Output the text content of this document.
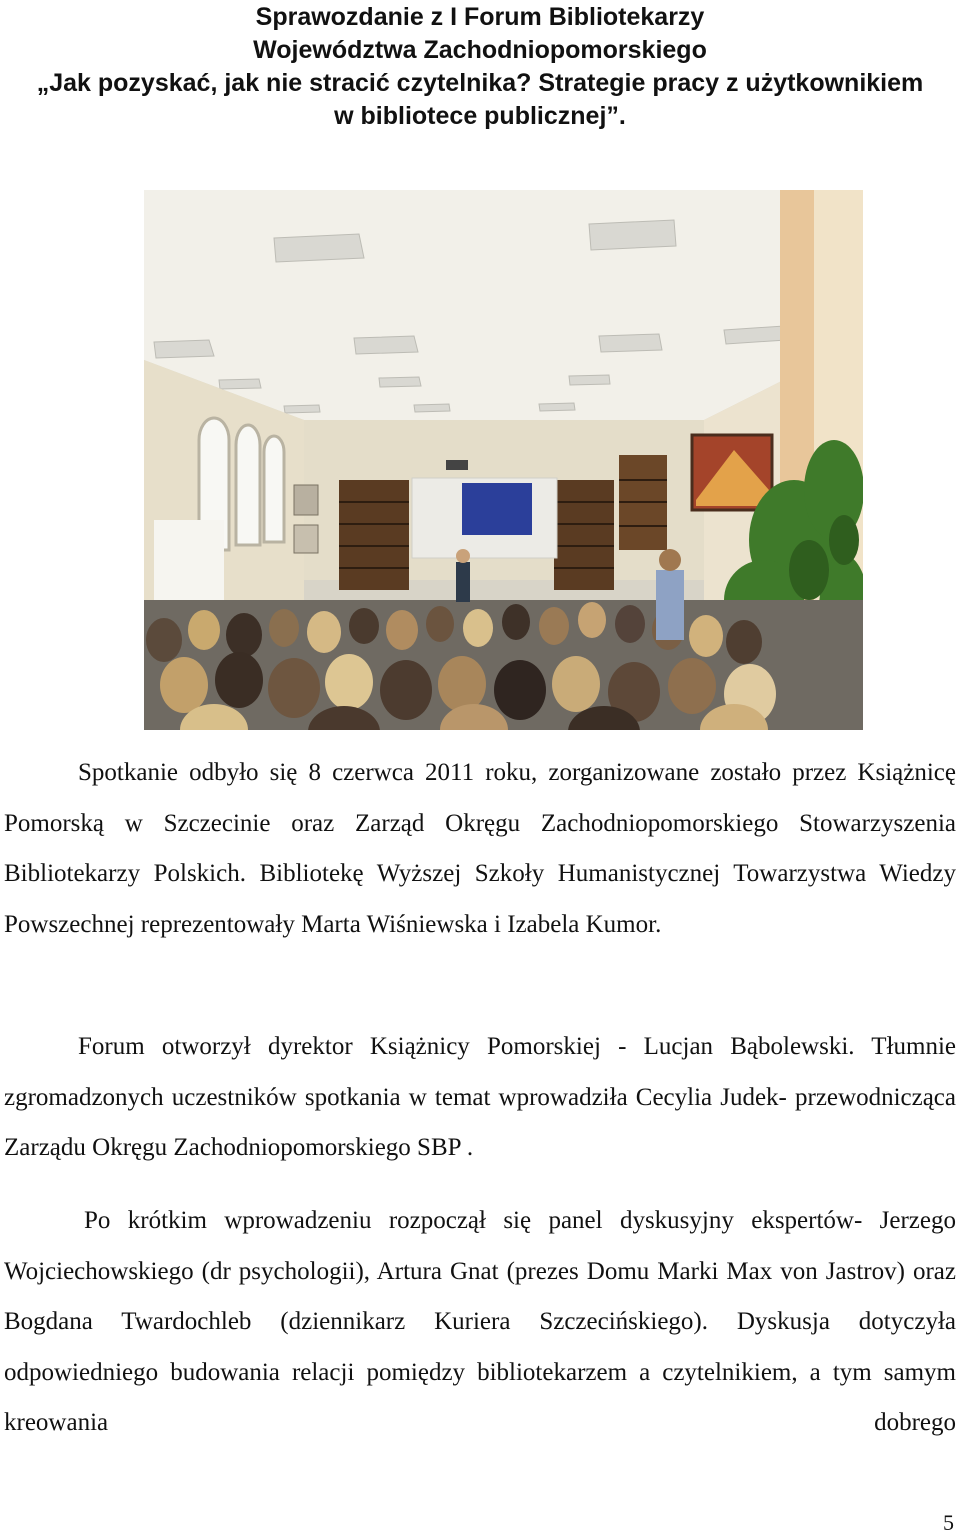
Sprawozdanie z I Forum Bibliotekarzy
Województwa Zachodniopomorskiego
„Jak pozyskać, jak nie stracić czytelnika? Strategie pracy z użytkownikiem
w bibliotece publicznej”.
Spotkanie odbyło się 8 czerwca 2011 roku, zorganizowane zostało przez Książnicę Pomorską w Szczecinie oraz Zarząd Okręgu Zachodniopomorskiego Stowarzyszenia Bibliotekarzy Polskich. Bibliotekę Wyższej Szkoły Humanistycznej Towarzystwa Wiedzy Powszechnej reprezentowały Marta Wiśniewska i Izabela Kumor.
Forum otworzył dyrektor Książnicy Pomorskiej - Lucjan Bąbolewski. Tłumnie zgromadzonych uczestników spotkania w temat wprowadziła Cecylia Judek- przewodnicząca Zarządu Okręgu Zachodniopomorskiego SBP .
Po krótkim wprowadzeniu rozpoczął się panel dyskusyjny ekspertów- Jerzego Wojciechowskiego (dr psychologii), Artura Gnat (prezes Domu Marki Max von Jastrov) oraz Bogdana Twardochleb (dziennikarz Kuriera Szczecińskiego). Dyskusja dotyczyła odpowiedniego budowania relacji pomiędzy bibliotekarzem a czytelnikiem, a tym samym kreowania dobrego
5
